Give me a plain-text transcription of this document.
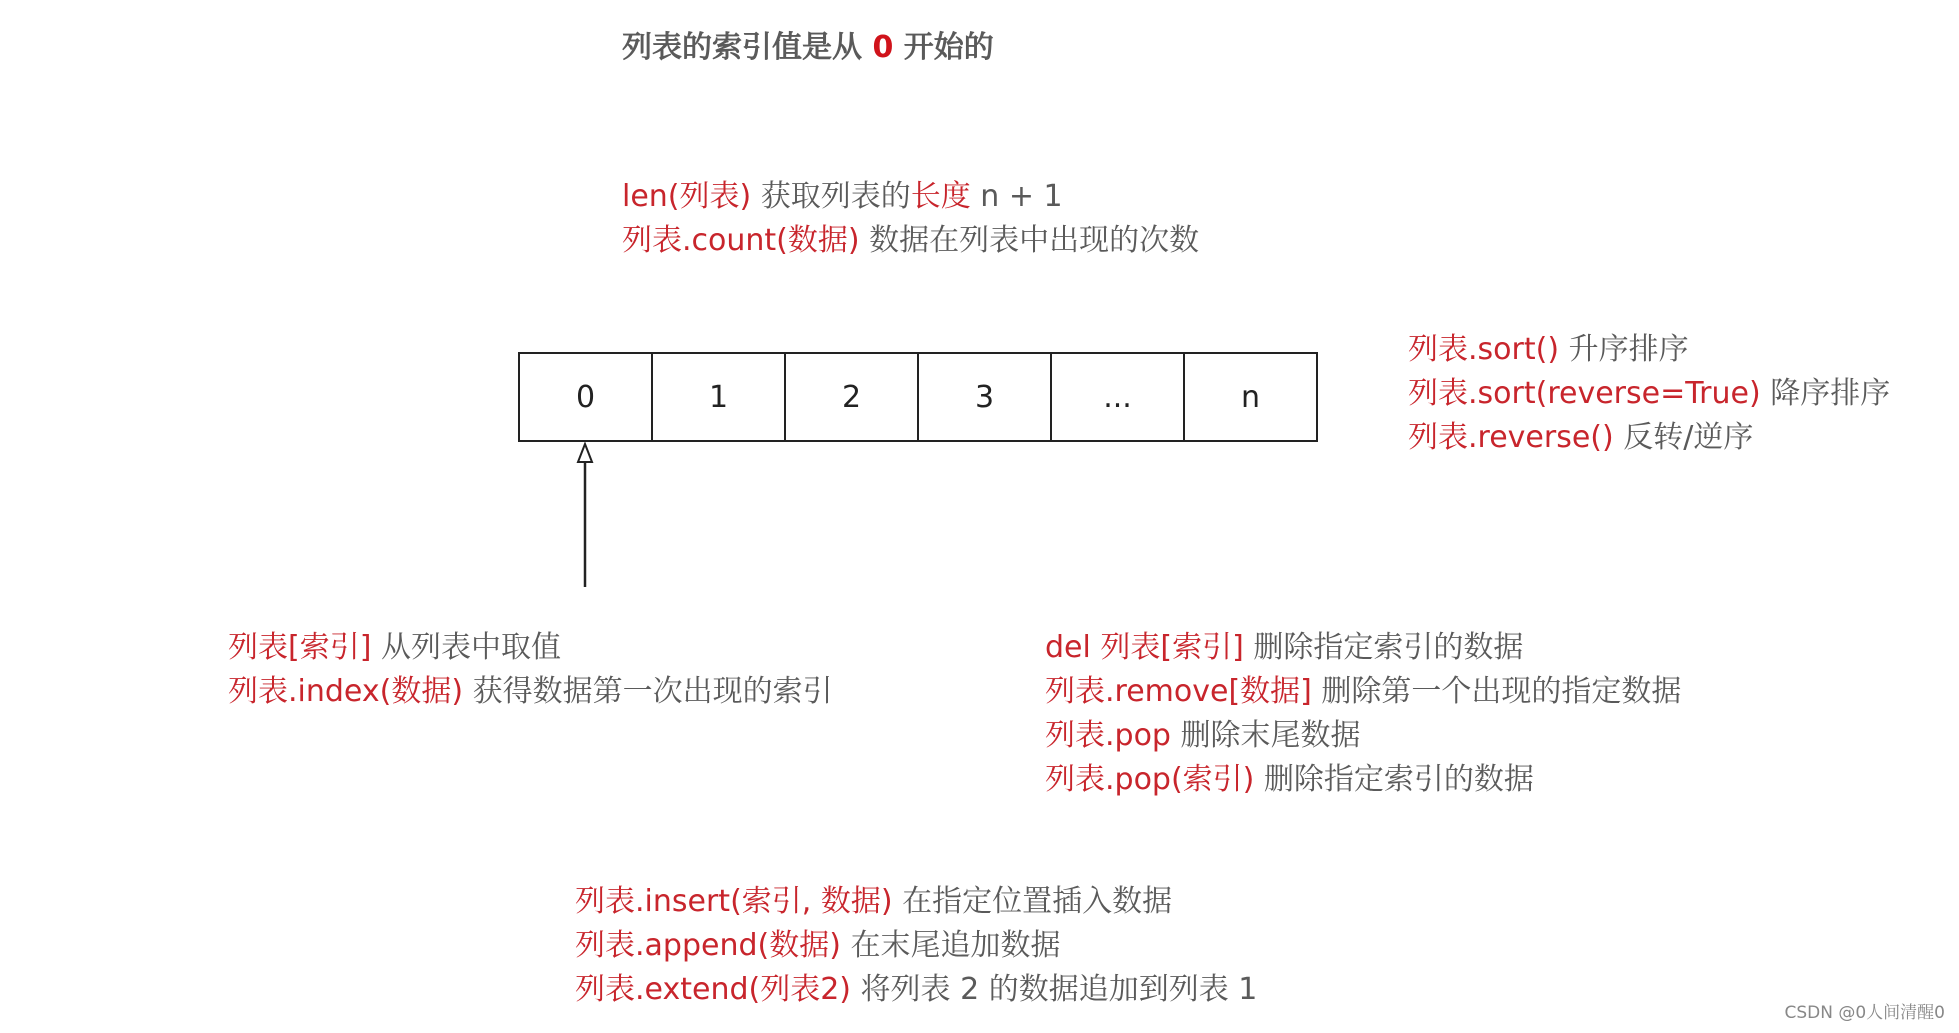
列表的索引值是从 0 开始的
len(列表) 获取列表的长度 n + 1
列表.count(数据) 数据在列表中出现的次数
0	1	2	3	...	n
列表.sort() 升序排序
列表.sort(reverse=True) 降序排序
列表.reverse() 反转/逆序
列表[索引] 从列表中取值
列表.index(数据) 获得数据第一次出现的索引
del 列表[索引] 删除指定索引的数据
列表.remove[数据] 删除第一个出现的指定数据
列表.pop 删除末尾数据
列表.pop(索引) 删除指定索引的数据
列表.insert(索引, 数据) 在指定位置插入数据
列表.append(数据) 在末尾追加数据
列表.extend(列表2) 将列表 2 的数据追加到列表 1
CSDN @0人间清醒0
